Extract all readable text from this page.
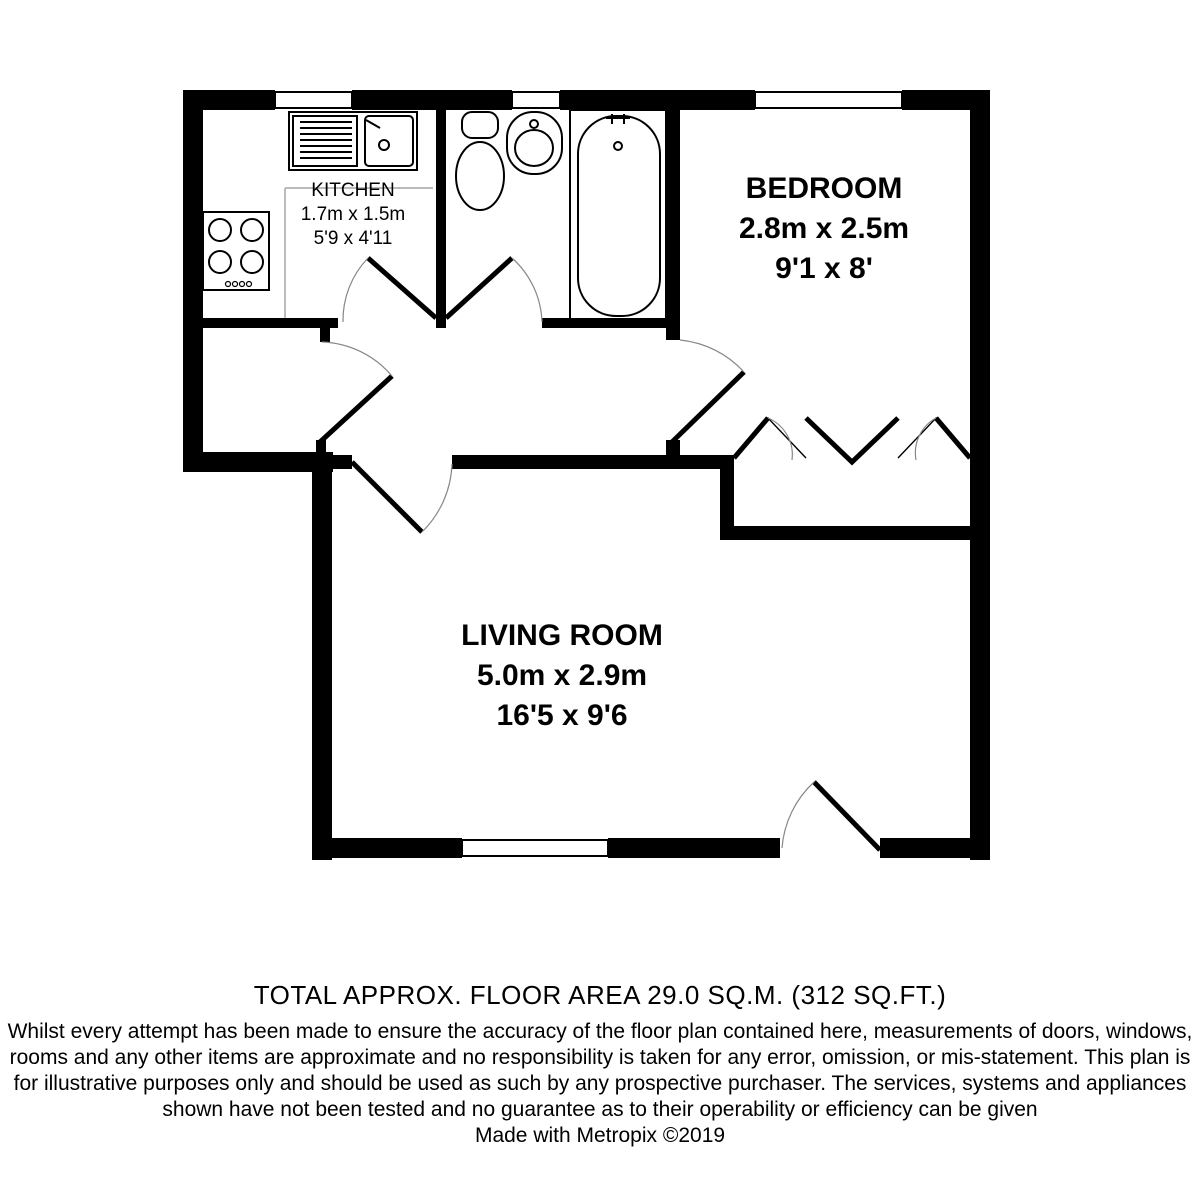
KITCHEN
1.7m x 1.5m
5'9 x 4'11
BEDROOM
2.8m x 2.5m
9'1 x 8'
LIVING ROOM
5.0m x 2.9m
16'5 x 9'6
TOTAL APPROX. FLOOR AREA 29.0 SQ.M. (312 SQ.FT.)
Whilst every attempt has been made to ensure the accuracy of the floor plan contained here, measurements of doors, windows, rooms and any other items are approximate and no responsibility is taken for any error, omission, or mis-statement. This plan is for illustrative purposes only and should be used as such by any prospective purchaser. The services, systems and appliances shown have not been tested and no guarantee as to their operability or efficiency can be given
Made with Metropix ©2019
